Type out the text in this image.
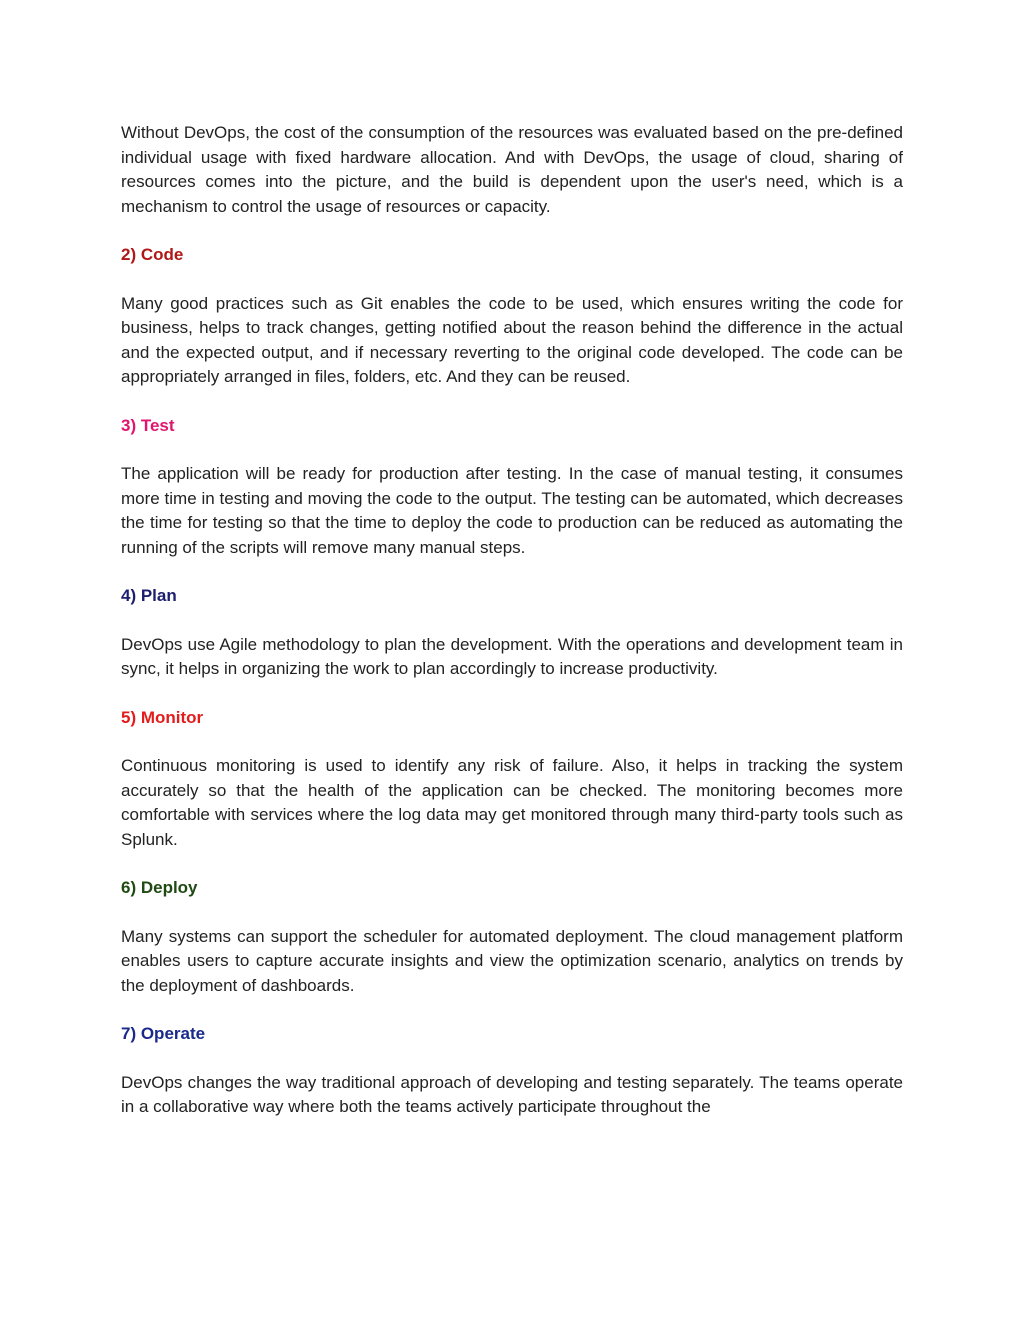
Without DevOps, the cost of the consumption of the resources was evaluated based on the pre-defined individual usage with fixed hardware allocation. And with DevOps, the usage of cloud, sharing of resources comes into the picture, and the build is dependent upon the user's need, which is a mechanism to control the usage of resources or capacity.

2) Code

Many good practices such as Git enables the code to be used, which ensures writing the code for business, helps to track changes, getting notified about the reason behind the difference in the actual and the expected output, and if necessary reverting to the original code developed. The code can be appropriately arranged in files, folders, etc. And they can be reused.

3) Test

The application will be ready for production after testing. In the case of manual testing, it consumes more time in testing and moving the code to the output. The testing can be automated, which decreases the time for testing so that the time to deploy the code to production can be reduced as automating the running of the scripts will remove many manual steps.

4) Plan

DevOps use Agile methodology to plan the development. With the operations and development team in sync, it helps in organizing the work to plan accordingly to increase productivity.

5) Monitor

Continuous monitoring is used to identify any risk of failure. Also, it helps in tracking the system accurately so that the health of the application can be checked. The monitoring becomes more comfortable with services where the log data may get monitored through many third-party tools such as Splunk.

6) Deploy

Many systems can support the scheduler for automated deployment. The cloud management platform enables users to capture accurate insights and view the optimization scenario, analytics on trends by the deployment of dashboards.

7) Operate

DevOps changes the way traditional approach of developing and testing separately. The teams operate in a collaborative way where both the teams actively participate throughout the
